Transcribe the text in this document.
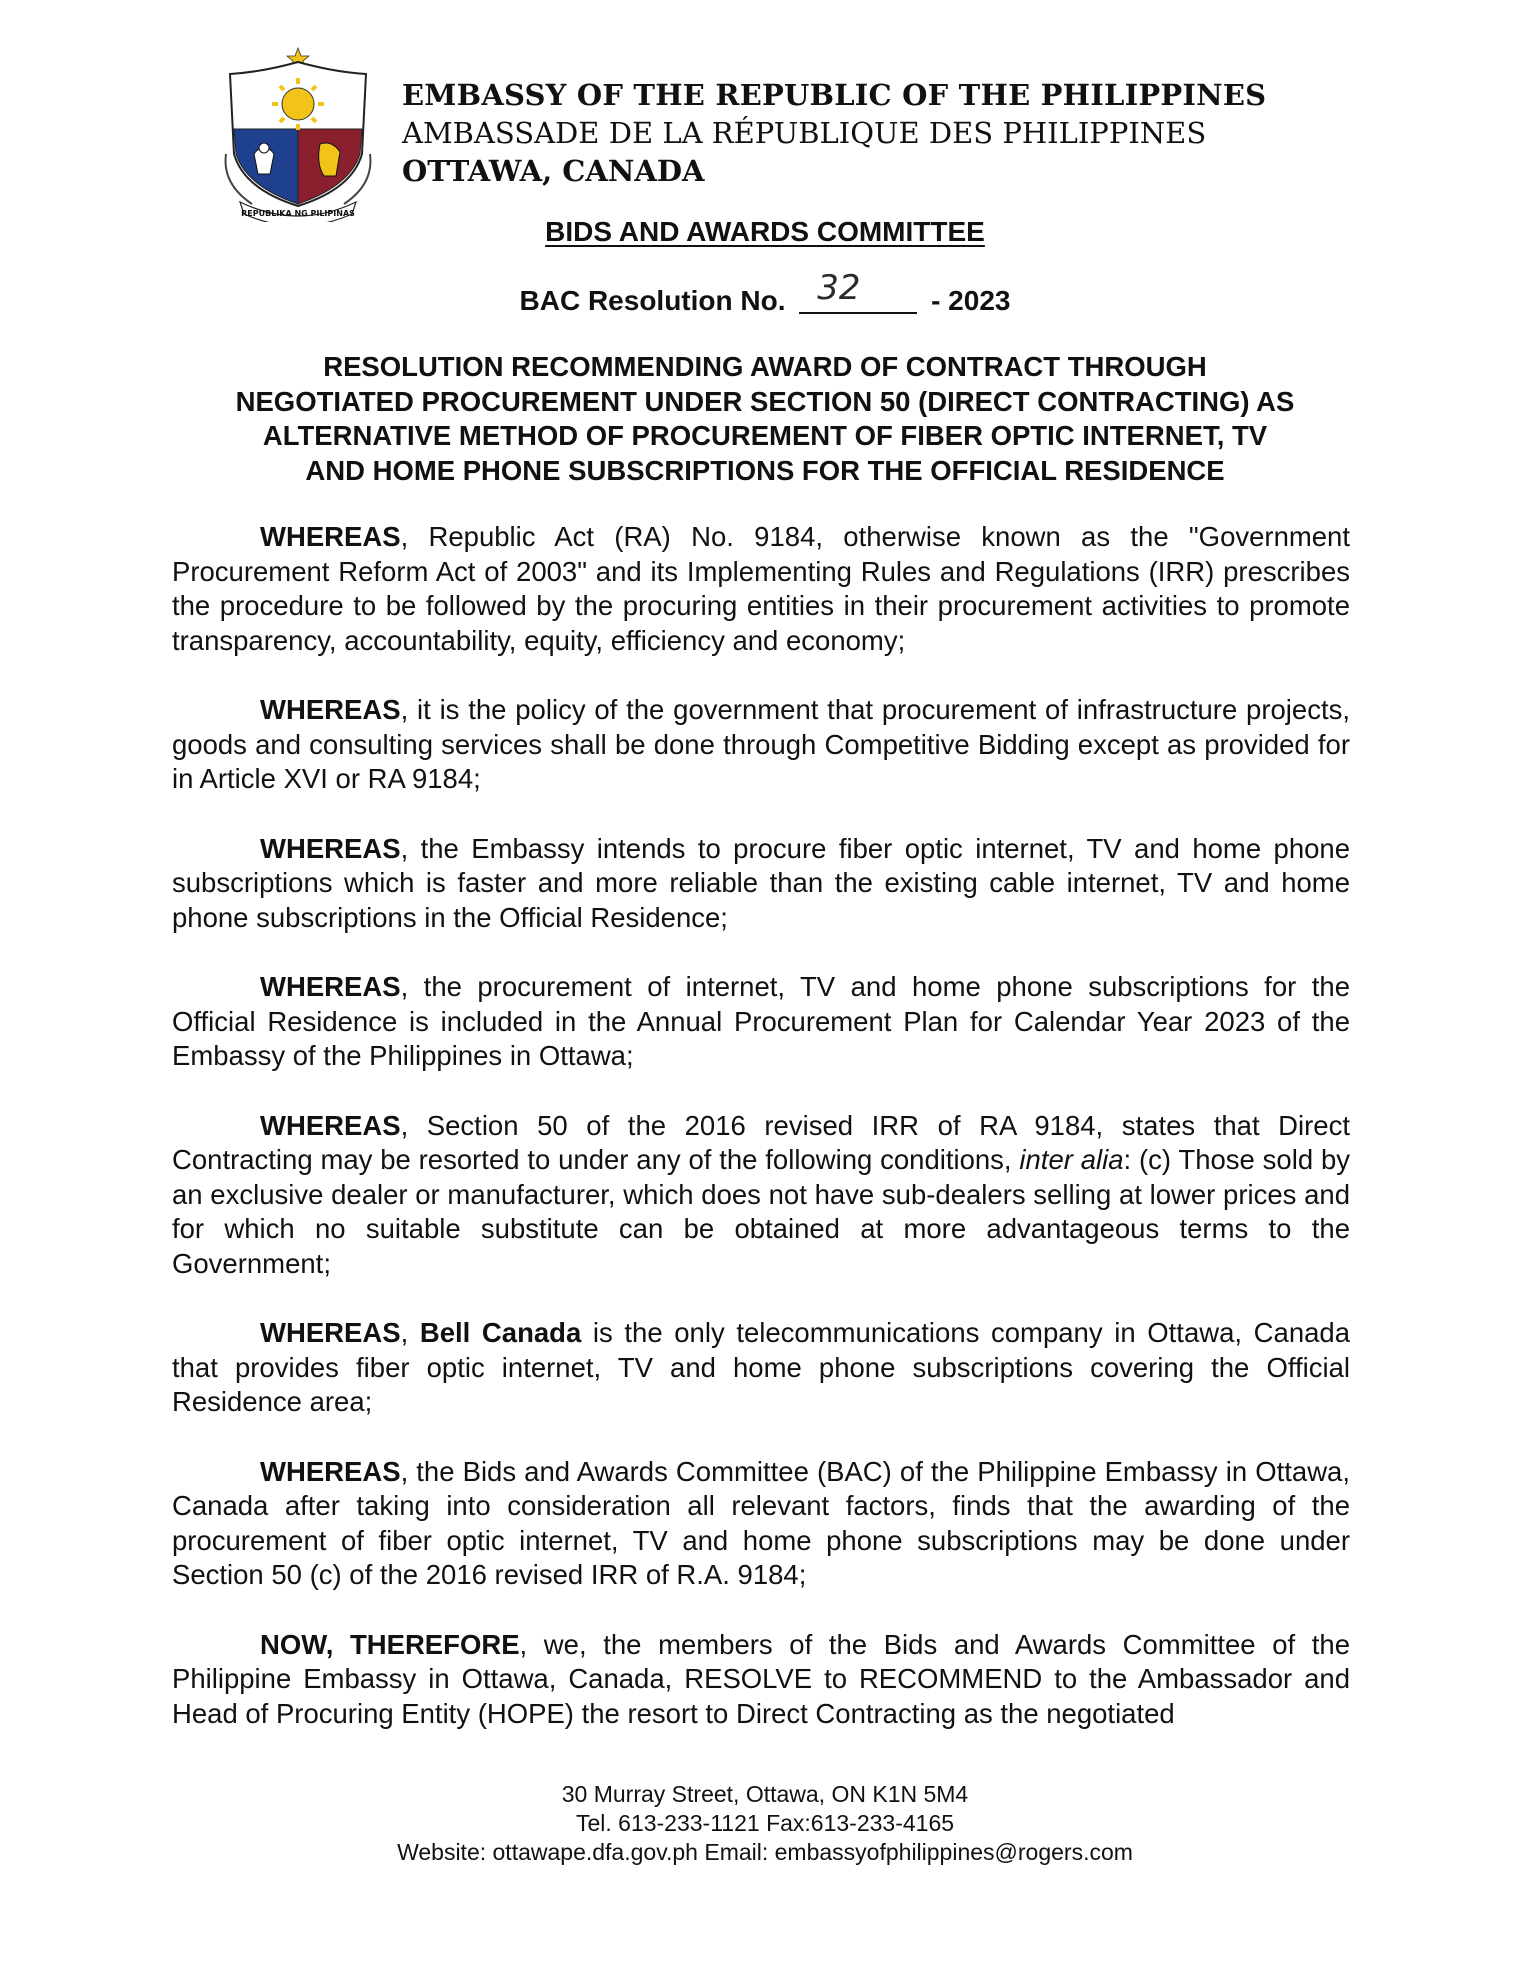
REPUBLIKA NG PILIPINAS
EMBASSY OF THE REPUBLIC OF THE PHILIPPINES
AMBASSADE DE LA RÉPUBLIQUE DES PHILIPPINES
OTTAWA, CANADA
BIDS AND AWARDS COMMITTEE
BAC Resolution No. 32	- 2023
RESOLUTION RECOMMENDING AWARD OF CONTRACT THROUGH
NEGOTIATED PROCUREMENT UNDER SECTION 50 (DIRECT CONTRACTING) AS
ALTERNATIVE METHOD OF PROCUREMENT OF FIBER OPTIC INTERNET, TV
AND HOME PHONE SUBSCRIPTIONS FOR THE OFFICIAL RESIDENCE

WHEREAS, Republic Act (RA) No. 9184, otherwise known as the "Government Procurement Reform Act of 2003" and its Implementing Rules and Regulations (IRR) prescribes the procedure to be followed by the procuring entities in their procurement activities to promote transparency, accountability, equity, efficiency and economy;

WHEREAS, it is the policy of the government that procurement of infrastructure projects, goods and consulting services shall be done through Competitive Bidding except as provided for in Article XVI or RA 9184;

WHEREAS, the Embassy intends to procure fiber optic internet, TV and home phone subscriptions which is faster and more reliable than the existing cable internet, TV and home phone subscriptions in the Official Residence;

WHEREAS, the procurement of internet, TV and home phone subscriptions for the Official Residence is included in the Annual Procurement Plan for Calendar Year 2023 of the Embassy of the Philippines in Ottawa;

WHEREAS, Section 50 of the 2016 revised IRR of RA 9184, states that Direct Contracting may be resorted to under any of the following conditions, inter alia: (c) Those sold by an exclusive dealer or manufacturer, which does not have sub-dealers selling at lower prices and for which no suitable substitute can be obtained at more advantageous terms to the Government;

WHEREAS, Bell Canada is the only telecommunications company in Ottawa, Canada that provides fiber optic internet, TV and home phone subscriptions covering the Official Residence area;

WHEREAS, the Bids and Awards Committee (BAC) of the Philippine Embassy in Ottawa, Canada after taking into consideration all relevant factors, finds that the awarding of the procurement of fiber optic internet, TV and home phone subscriptions may be done under Section 50 (c) of the 2016 revised IRR of R.A. 9184;

NOW, THEREFORE, we, the members of the Bids and Awards Committee of the Philippine Embassy in Ottawa, Canada, RESOLVE to RECOMMEND to the Ambassador and Head of Procuring Entity (HOPE) the resort to Direct Contracting as the negotiated

30 Murray Street, Ottawa, ON K1N 5M4
Tel. 613-233-1121 Fax:613-233-4165
Website: ottawape.dfa.gov.ph Email: embassyofphilippines@rogers.com
